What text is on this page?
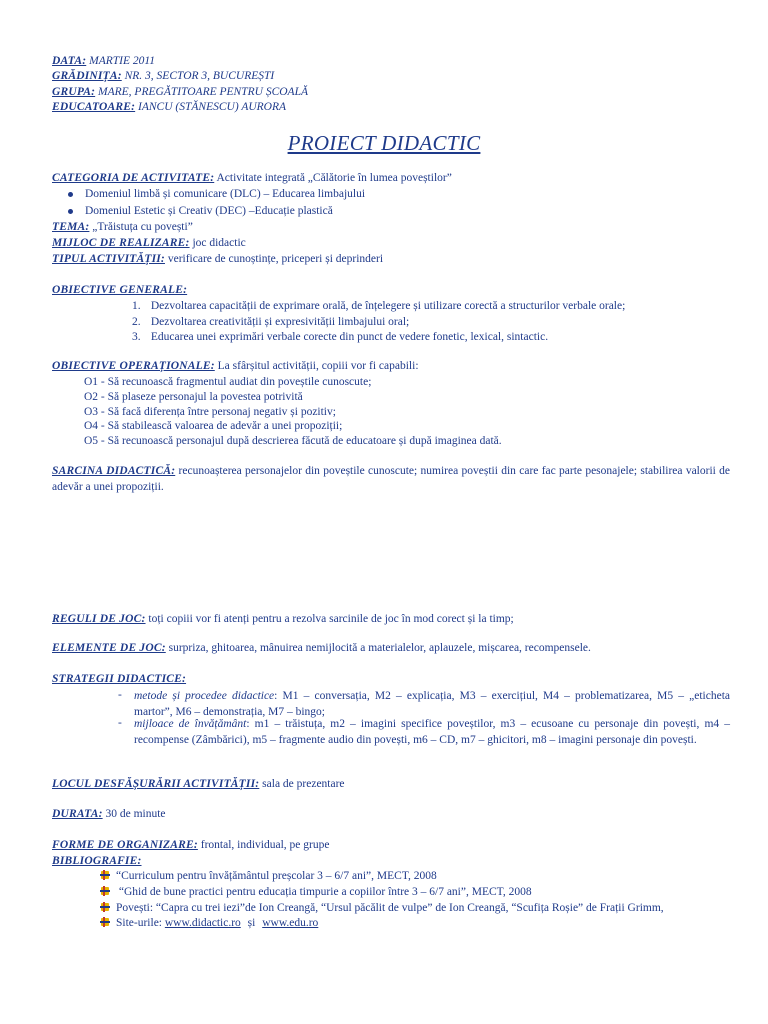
DATA: MARTIE 2011
GRĂDINIȚA: NR. 3, SECTOR 3, BUCUREȘTI
GRUPA: MARE, PREGĂTITOARE PENTRU ȘCOALĂ
EDUCATOARE: IANCU (STĂNESCU) AURORA
PROIECT DIDACTIC
CATEGORIA DE ACTIVITATE: Activitate integrată „Călătorie în lumea poveștilor”
Domeniul limbă și comunicare (DLC) – Educarea limbajului
Domeniul Estetic și Creativ (DEC) –Educație plastică
TEMA: „Trăistuța cu povești”
MIJLOC DE REALIZARE: joc didactic
TIPUL ACTIVITĂȚII: verificare de cunoștințe, priceperi și deprinderi
OBIECTIVE GENERALE:
1. Dezvoltarea capacității de exprimare orală, de înțelegere și utilizare corectă a structurilor verbale orale;
2. Dezvoltarea creativității și expresivității limbajului oral;
3. Educarea unei exprimări verbale corecte din punct de vedere fonetic, lexical, sintactic.
OBIECTIVE OPERAȚIONALE: La sfârșitul activității, copiii vor fi capabili:
O1 - Să recunoască fragmentul audiat din poveștile cunoscute;
O2 - Să plaseze personajul la povestea potrivită
O3 - Să facă diferența între personaj negativ și pozitiv;
O4 - Să stabilească valoarea de adevăr a unei propoziții;
O5 - Să recunoască personajul după descrierea făcută de educatoare și după imaginea dată.
SARCINA DIDACTICĂ: recunoașterea personajelor din poveștile cunoscute; numirea poveștii din care fac parte pesonajele; stabilirea valorii de adevăr a unei propoziții.
REGULI DE JOC: toți copiii vor fi atenți pentru a rezolva sarcinile de joc în mod corect și la timp;
ELEMENTE DE JOC: surpriza, ghitoarea, mânuirea nemijlocită a materialelor, aplauzele, mișcarea, recompensele.
STRATEGII DIDACTICE:
- metode și procedee didactice: M1 – conversația, M2 – explicația, M3 – exercițiul, M4 – problematizarea, M5 – „eticheta martor”, M6 – demonstrația, M7 – bingo;
- mijloace de învățământ: m1 – trăistuța, m2 – imagini specifice poveștilor, m3 – ecusoane cu personaje din povești, m4 – recompense (Zâmbărici), m5 – fragmente audio din povești, m6 – CD, m7 – ghicitori, m8 – imagini personaje din povești.
LOCUL DESFĂȘURĂRII ACTIVITĂȚII: sala de prezentare
DURATA: 30 de minute
FORME DE ORGANIZARE: frontal, individual, pe grupe
BIBLIOGRAFIE:
“Curriculum pentru învățământul preșcolar 3 – 6/7 ani”, MECT, 2008
“Ghid de bune practici pentru educația timpurie a copiilor între 3 – 6/7 ani”, MECT, 2008
Povești: “Capra cu trei iezi”de Ion Creangă, “Ursul păcălit de vulpe” de Ion Creangă, “Scufița Roșie” de Frații Grimm,
Site-urile: www.didactic.ro și www.edu.ro
